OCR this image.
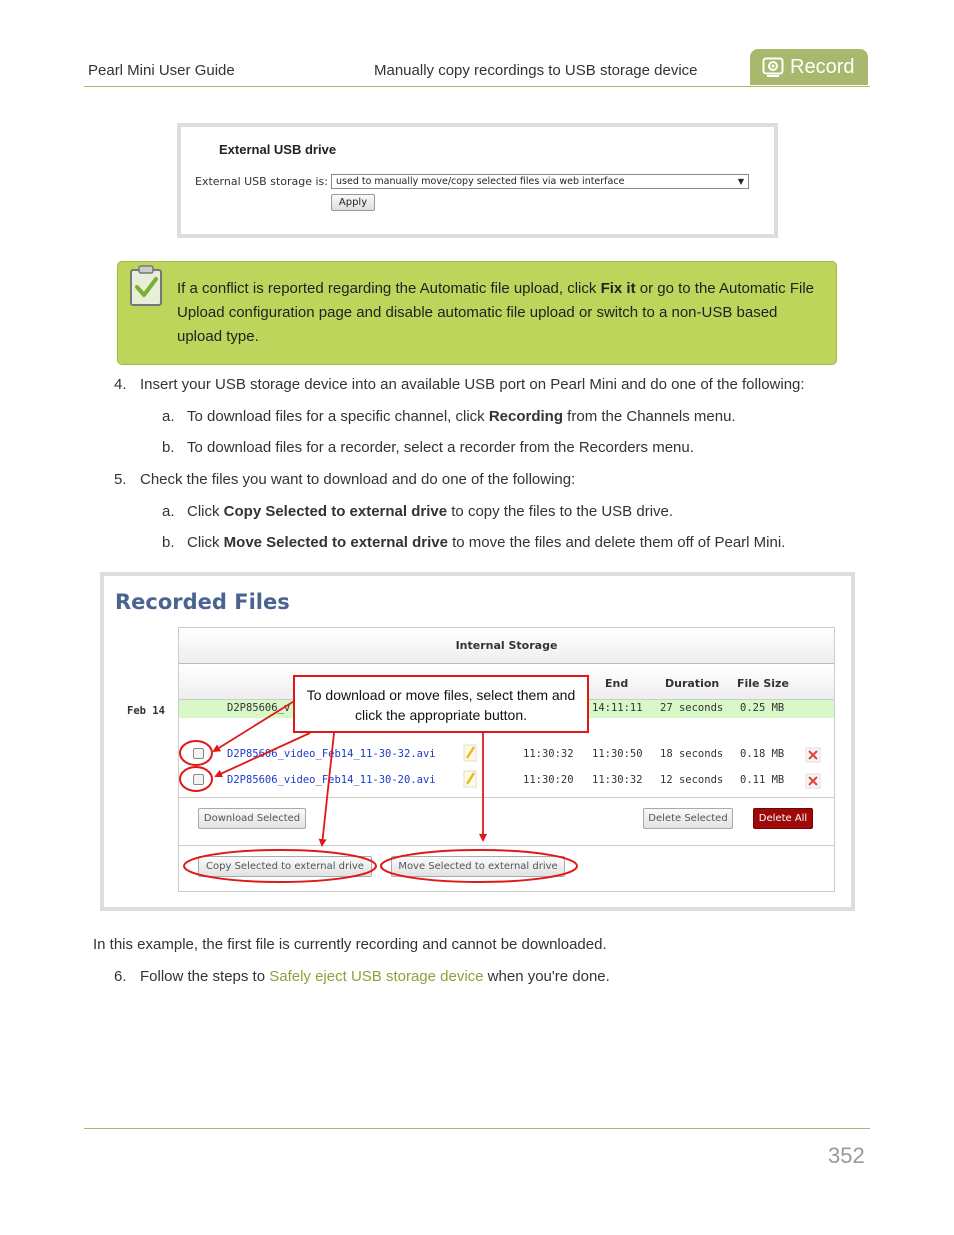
Pearl Mini User Guide	Manually copy recordings to USB storage device	Record
External USB drive
External USB storage is: used to manually move/copy selected files via web interface	▼
Apply
If a conflict is reported regarding the Automatic file upload, click Fix it or go to the Automatic File Upload configuration page and disable automatic file upload or switch to a non-USB based upload type.
4. Insert your USB storage device into an available USB port on Pearl Mini and do one of the following:
a. To download files for a specific channel, click Recording from the Channels menu.
b. To download files for a recorder, select a recorder from the Recorders menu.
5. Check the files you want to download and do one of the following:
a. Click Copy Selected to external drive to copy the files to the USB drive.
b. Click Move Selected to external drive to move the files and delete them off of Pearl Mini.
Recorded Files
Feb 14
Internal Storage
End	Duration File Size
D2P85606_v	14:11:11 27 seconds 0.25 MB
D2P85606_video_Feb14_11-30-32.avi	11:30:32 11:30:50 18 seconds 0.18 MB
D2P85606_video_Feb14_11-30-20.avi	11:30:20 11:30:32 12 seconds 0.11 MB
Download Selected	Delete Selected	Delete All
Copy Selected to external drive	Move Selected to external drive
To download or move files, select them and click the appropriate button.
In this example, the first file is currently recording and cannot be downloaded.
6. Follow the steps to Safely eject USB storage device when you're done.
352
